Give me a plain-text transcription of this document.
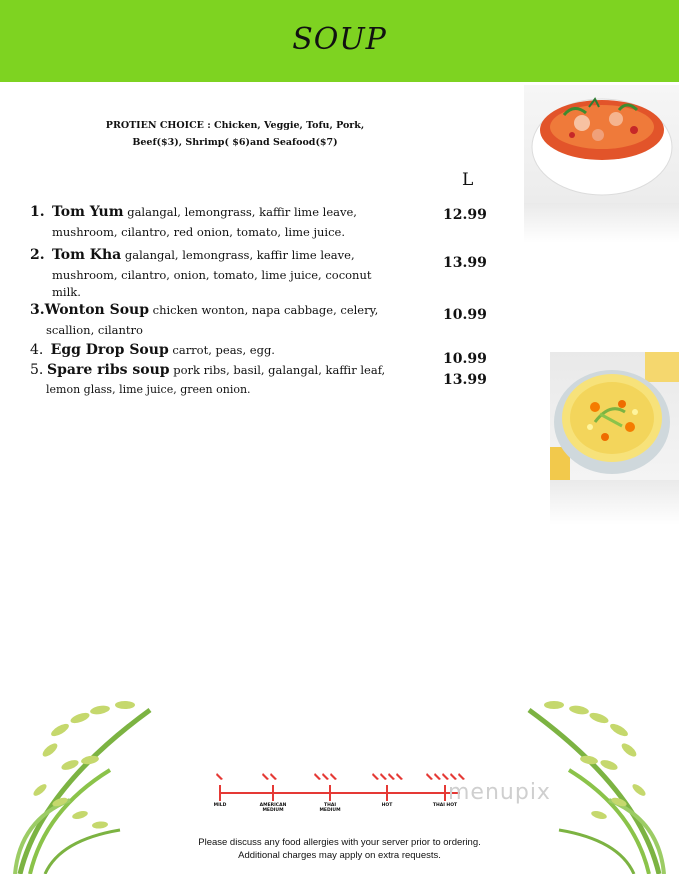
SOUP
PROTIEN CHOICE : Chicken, Veggie, Tofu, Pork,
Beef($3), Shrimp( $6)and Seafood($7)
L
1. Tom Yum galangal, lemongrass, kaffir lime leave,
mushroom, cilantro, red onion, tomato, lime juice.
12.99
2. Tom Kha galangal, lemongrass, kaffir lime leave,
mushroom, cilantro, onion, tomato, lime juice, coconut
milk.
13.99
3.Wonton Soup chicken wonton, napa cabbage, celery,
scallion, cilantro
10.99
4. Egg Drop Soup carrot, peas, egg.
10.99
5. Spare ribs soup pork ribs, basil, galangal, kaffir leaf,
lemon glass, lime juice, green onion.
13.99
MILD	AMERICAN MEDIUM
THAI MEDIUM
HOT	THAI HOT
menupix
Please discuss any food allergies with your server prior to ordering.
Additional charges may apply on extra requests.
